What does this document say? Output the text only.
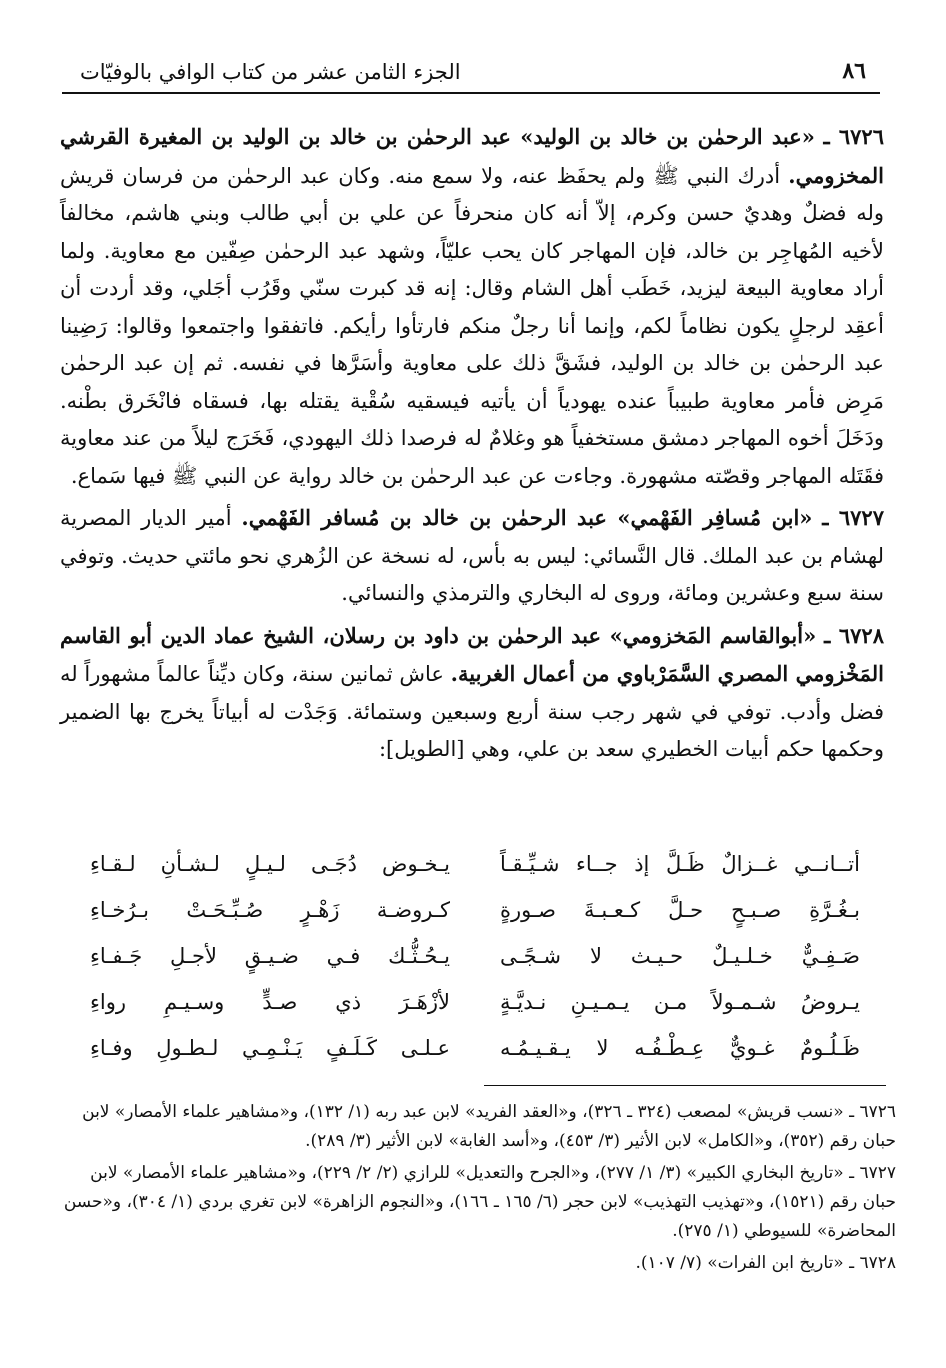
٨٦
الجزء الثامن عشر من كتاب الوافي بالوفيّات

٦٧٢٦ ـ «عبد الرحمٰن بن خالد بن الوليد» عبد الرحمٰن بن خالد بن الوليد بن المغيرة القرشي المخزومي. أدرك النبي ﷺ ولم يحفَظ عنه، ولا سمع منه. وكان عبد الرحمٰن من فرسان قريش وله فضلٌ وهديٌ حسن وكرم، إلاّ أنه كان منحرفاً عن علي بن أبي طالب وبني هاشم، مخالفاً لأخيه المُهاجِر بن خالد، فإن المهاجر كان يحب عليّاً، وشهد عبد الرحمٰن صِفّين مع معاوية. ولما أراد معاوية البيعة ليزيد، خَطَب أهل الشام وقال: إنه قد كبرت سنّي وقَرُب أجَلي، وقد أردت أن أعقِد لرجلٍ يكون نظاماً لكم، وإنما أنا رجلٌ منكم فارتأوا رأيكم. فاتفقوا واجتمعوا وقالوا: رَضِينا عبد الرحمٰن بن خالد بن الوليد، فشَقَّ ذلك على معاوية وأسَرَّها في نفسه. ثم إن عبد الرحمٰن مَرِض فأمر معاوية طبيباً عنده يهودياً أن يأتيه فيسقيه سُقْية يقتله بها، فسقاه فانْخَرق بطْنه. ودَخَلَ أخوه المهاجر دمشق مستخفياً هو وغلامٌ له فرصدا ذلك اليهودي، فَخَرَج ليلاً من عند معاوية فقَتَله المهاجر وقصّته مشهورة. وجاءت عن عبد الرحمٰن بن خالد رواية عن النبي ﷺ فيها سَماع.

٦٧٢٧ ـ «ابن مُسافِر الفَهْمي» عبد الرحمٰن بن خالد بن مُسافر الفَهْمي. أمير الديار المصرية لهشام بن عبد الملك. قال النَّسائي: ليس به بأس، له نسخة عن الزُهري نحو مائتي حديث. وتوفي سنة سبع وعشرين ومائة، وروى له البخاري والترمذي والنسائي.

٦٧٢٨ ـ «أبوالقاسم المَخزومي» عبد الرحمٰن بن داود بن رسلان، الشيخ عماد الدين أبو القاسم المَخْزومي المصري السَّمَرْباوي من أعمال الغربية. عاش ثمانين سنة، وكان ديِّناً عالماً مشهوراً له فضل وأدب. توفي في شهر رجب سنة أربع وسبعين وستمائة. وَجَدْت له أبياتاً يخرج بها الضمير وحكمها حكم أبيات الخطيري سعد بن علي، وهي [الطويل]:

أتــانــي غــزالٌ ظَـلَّ إذ جــاء شـيِّـقـاً
يـخـوض دُجَـى لـيـلٍ لـشـأنِ لـقـاءِ
بـغُـرَّةِ صـبـحٍ حـلَّ كـعـبـةَ صـورةٍ
كـروضـة زَهْـرٍ صُـبِّـحَـتْ بـرُخـاءِ
صَـفِـيٌّ خـلـيـلٌ حـيـث لا شـجًـى
يـحُـثُّـك فـي ضـيـقٍ لأجـلِ جَـفـاءِ
يـروضُ شـمـولاً مـن يـمـيـنِ نـديَّـةٍ
لأزْهَـرَ ذي صـدٍّ وسـيـمِ رواءِ
ظَـلُـومٌ غـويٌّ عِـطْـفُـه لا يـقـيـمُـه
عـلـى كَـلَـفٍ يَـنْـمِـي لـطـولِ وفـاءِ

٦٧٢٦ ـ «نسب قريش» لمصعب (٣٢٤ ـ ٣٢٦)، و«العقد الفريد» لابن عبد ربه (١/ ١٣٢)، و«مشاهير علماء الأمصار» لابن حبان رقم (٣٥٢)، و«الكامل» لابن الأثير (٣/ ٤٥٣)، و«أسد الغابة» لابن الأثير (٣/ ٢٨٩).

٦٧٢٧ ـ «تاريخ البخاري الكبير» (٣/ ١/ ٢٧٧)، و«الجرح والتعديل» للرازي (٢/ ٢/ ٢٢٩)، و«مشاهير علماء الأمصار» لابن حبان رقم (١٥٢١)، و«تهذيب التهذيب» لابن حجر (٦/ ١٦٥ ـ ١٦٦)، و«النجوم الزاهرة» لابن تغري بردي (١/ ٣٠٤)، و«حسن المحاضرة» للسيوطي (١/ ٢٧٥).

٦٧٢٨ ـ «تاريخ ابن الفرات» (٧/ ١٠٧).
